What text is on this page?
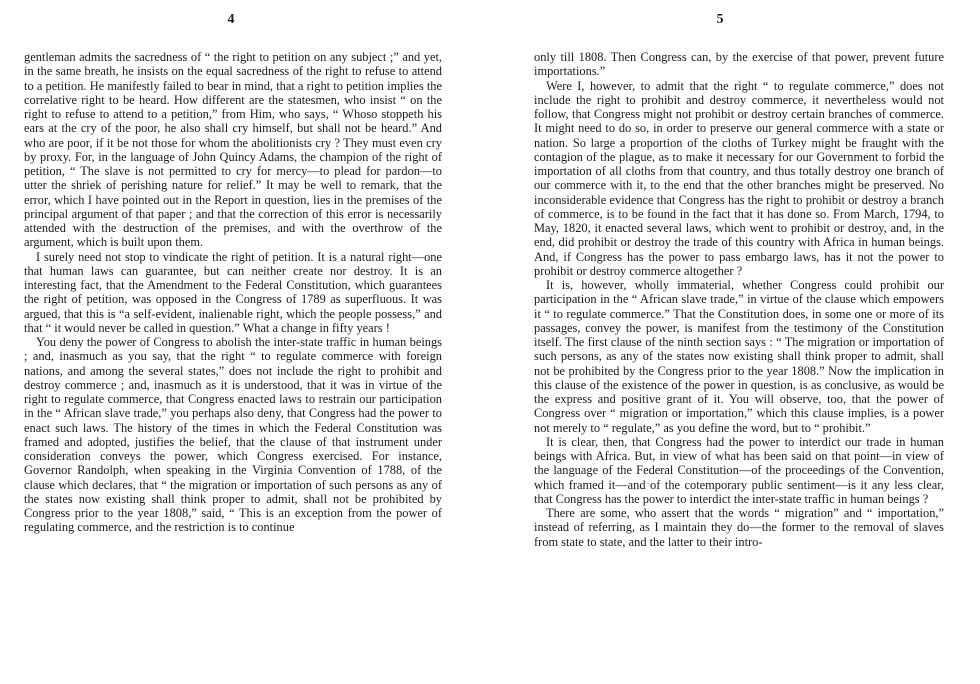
4

gentleman admits the sacredness of “ the right to petition on any subject ;” and yet, in the same breath, he insists on the equal sacredness of the right to refuse to attend to a petition. He manifestly failed to bear in mind, that a right to petition implies the correlative right to be heard. How different are the statesmen, who insist “ on the right to refuse to attend to a petition,” from Him, who says, “ Whoso stoppeth his ears at the cry of the poor, he also shall cry himself, but shall not be heard.” And who are poor, if it be not those for whom the abolitionists cry ? They must even cry by proxy. For, in the language of John Quincy Adams, the champion of the right of petition, “ The slave is not permitted to cry for mercy—to plead for pardon—to utter the shriek of perishing nature for relief.” It may be well to remark, that the error, which I have pointed out in the Report in question, lies in the premises of the principal argument of that paper ; and that the correction of this error is necessarily attended with the destruction of the premises, and with the overthrow of the argument, which is built upon them.

I surely need not stop to vindicate the right of petition. It is a natural right—one that human laws can guarantee, but can neither create nor destroy. It is an interesting fact, that the Amendment to the Federal Constitution, which guarantees the right of petition, was opposed in the Congress of 1789 as superfluous. It was argued, that this is “a self-evident, inalienable right, which the people possess,” and that “ it would never be called in question.” What a change in fifty years !

You deny the power of Congress to abolish the inter-state traffic in human beings ; and, inasmuch as you say, that the right “ to regulate commerce with foreign nations, and among the several states,” does not include the right to prohibit and destroy commerce ; and, inasmuch as it is understood, that it was in virtue of the right to regulate commerce, that Congress enacted laws to restrain our participation in the “ African slave trade,” you perhaps also deny, that Congress had the power to enact such laws. The history of the times in which the Federal Constitution was framed and adopted, justifies the belief, that the clause of that instrument under consideration conveys the power, which Congress exercised. For instance, Governor Randolph, when speaking in the Virginia Convention of 1788, of the clause which declares, that “ the migration or importation of such persons as any of the states now existing shall think proper to admit, shall not be prohibited by Congress prior to the year 1808,” said, “ This is an exception from the power of regulating commerce, and the restriction is to continue

5

only till 1808. Then Congress can, by the exercise of that power, prevent future importations.”

Were I, however, to admit that the right “ to regulate commerce,” does not include the right to prohibit and destroy commerce, it nevertheless would not follow, that Congress might not prohibit or destroy certain branches of commerce. It might need to do so, in order to preserve our general commerce with a state or nation. So large a proportion of the cloths of Turkey might be fraught with the contagion of the plague, as to make it necessary for our Government to forbid the importation of all cloths from that country, and thus totally destroy one branch of our commerce with it, to the end that the other branches might be preserved. No inconsiderable evidence that Congress has the right to prohibit or destroy a branch of commerce, is to be found in the fact that it has done so. From March, 1794, to May, 1820, it enacted several laws, which went to prohibit or destroy, and, in the end, did prohibit or destroy the trade of this country with Africa in human beings. And, if Congress has the power to pass embargo laws, has it not the power to prohibit or destroy commerce altogether ?

It is, however, wholly immaterial, whether Congress could prohibit our participation in the “ African slave trade,” in virtue of the clause which empowers it “ to regulate commerce.” That the Constitution does, in some one or more of its passages, convey the power, is manifest from the testimony of the Constitution itself. The first clause of the ninth section says : “ The migration or importation of such persons, as any of the states now existing shall think proper to admit, shall not be prohibited by the Congress prior to the year 1808.” Now the implication in this clause of the existence of the power in question, is as conclusive, as would be the express and positive grant of it. You will observe, too, that the power of Congress over “ migration or importation,” which this clause implies, is a power not merely to “ regulate,” as you define the word, but to “ prohibit.”

It is clear, then, that Congress had the power to interdict our trade in human beings with Africa. But, in view of what has been said on that point—in view of the language of the Federal Constitution—of the proceedings of the Convention, which framed it—and of the cotemporary public sentiment—is it any less clear, that Congress has the power to interdict the inter-state traffic in human beings ?

There are some, who assert that the words “ migration” and “ importation,” instead of referring, as I maintain they do—the former to the removal of slaves from state to state, and the latter to their intro-
